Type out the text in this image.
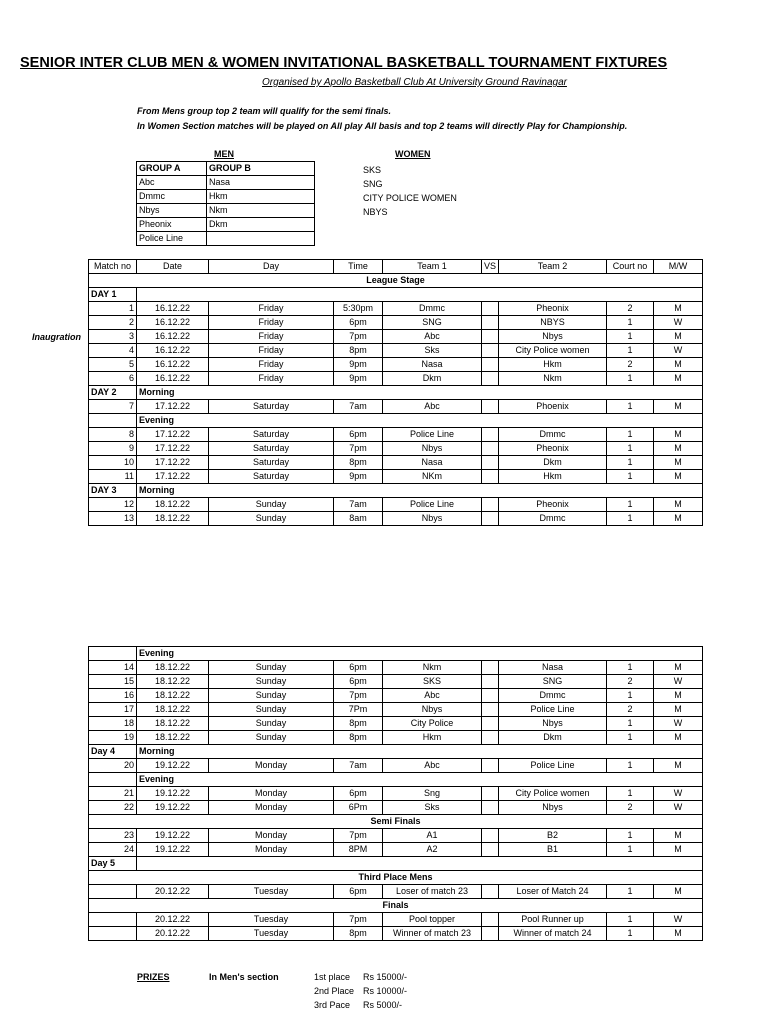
SENIOR INTER CLUB MEN & WOMEN INVITATIONAL BASKETBALL TOURNAMENT FIXTURES
Organised by Apollo Basketball Club At University Ground Ravinagar
From Mens group top 2 team will qualify for the semi finals.
In Women Section matches will be played on All play All basis and top 2 teams will directly Play for Championship.
MEN	WOMEN
GROUP A	GROUP B
Abc	Nasa
Dmmc	Hkm
Nbys	Nkm
Pheonix	Dkm
Police Line	
SKS
SNG
CITY POLICE WOMEN
NBYS
Inaugration
Match no	Date	Day	Time	Team 1	VS	Team 2	Court no	M/W
League Stage								
DAY 1								
1	16.12.22	Friday	5:30pm	Dmmc		Pheonix	2	M
2	16.12.22	Friday	6pm	SNG		NBYS	1	W
3	16.12.22	Friday	7pm	Abc		Nbys	1	M
4	16.12.22	Friday	8pm	Sks		City Police women	1	W
5	16.12.22	Friday	9pm	Nasa		Hkm	2	M
6	16.12.22	Friday	9pm	Dkm		Nkm	1	M
DAY 2	Morning							
7	17.12.22	Saturday	7am	Abc		Phoenix	1	M
	Evening							
8	17.12.22	Saturday	6pm	Police Line		Dmmc	1	M
9	17.12.22	Saturday	7pm	Nbys		Pheonix	1	M
10	17.12.22	Saturday	8pm	Nasa		Dkm	1	M
11	17.12.22	Saturday	9pm	NKm		Hkm	1	M
DAY 3	Morning							
12	18.12.22	Sunday	7am	Police Line		Pheonix	1	M
13	18.12.22	Sunday	8am	Nbys		Dmmc	1	M
	Evening							
14	18.12.22	Sunday	6pm	Nkm		Nasa	1	M
15	18.12.22	Sunday	6pm	SKS		SNG	2	W
16	18.12.22	Sunday	7pm	Abc		Dmmc	1	M
17	18.12.22	Sunday	7Pm	Nbys		Police Line	2	M
18	18.12.22	Sunday	8pm	City Police		Nbys	1	W
19	18.12.22	Sunday	8pm	Hkm		Dkm	1	M
Day 4	Morning							
20	19.12.22	Monday	7am	Abc		Police Line	1	M
	Evening							
21	19.12.22	Monday	6pm	Sng		City Police women	1	W
22	19.12.22	Monday	6Pm	Sks		Nbys	2	W
Semi Finals								
23	19.12.22	Monday	7pm	A1		B2	1	M
24	19.12.22	Monday	8PM	A2		B1	1	M
Day 5								
Third Place Mens								
	20.12.22	Tuesday	6pm	Loser of match 23		Loser of Match 24	1	M
Finals								
	20.12.22	Tuesday	7pm	Pool topper		Pool Runner up	1	W
	20.12.22	Tuesday	8pm	Winner of match 23		Winner of match 24	1	M
PRIZES	In Men's section	1st place Rs 15000/-
2nd Place Rs 10000/-
3rd Pace Rs 5000/-
